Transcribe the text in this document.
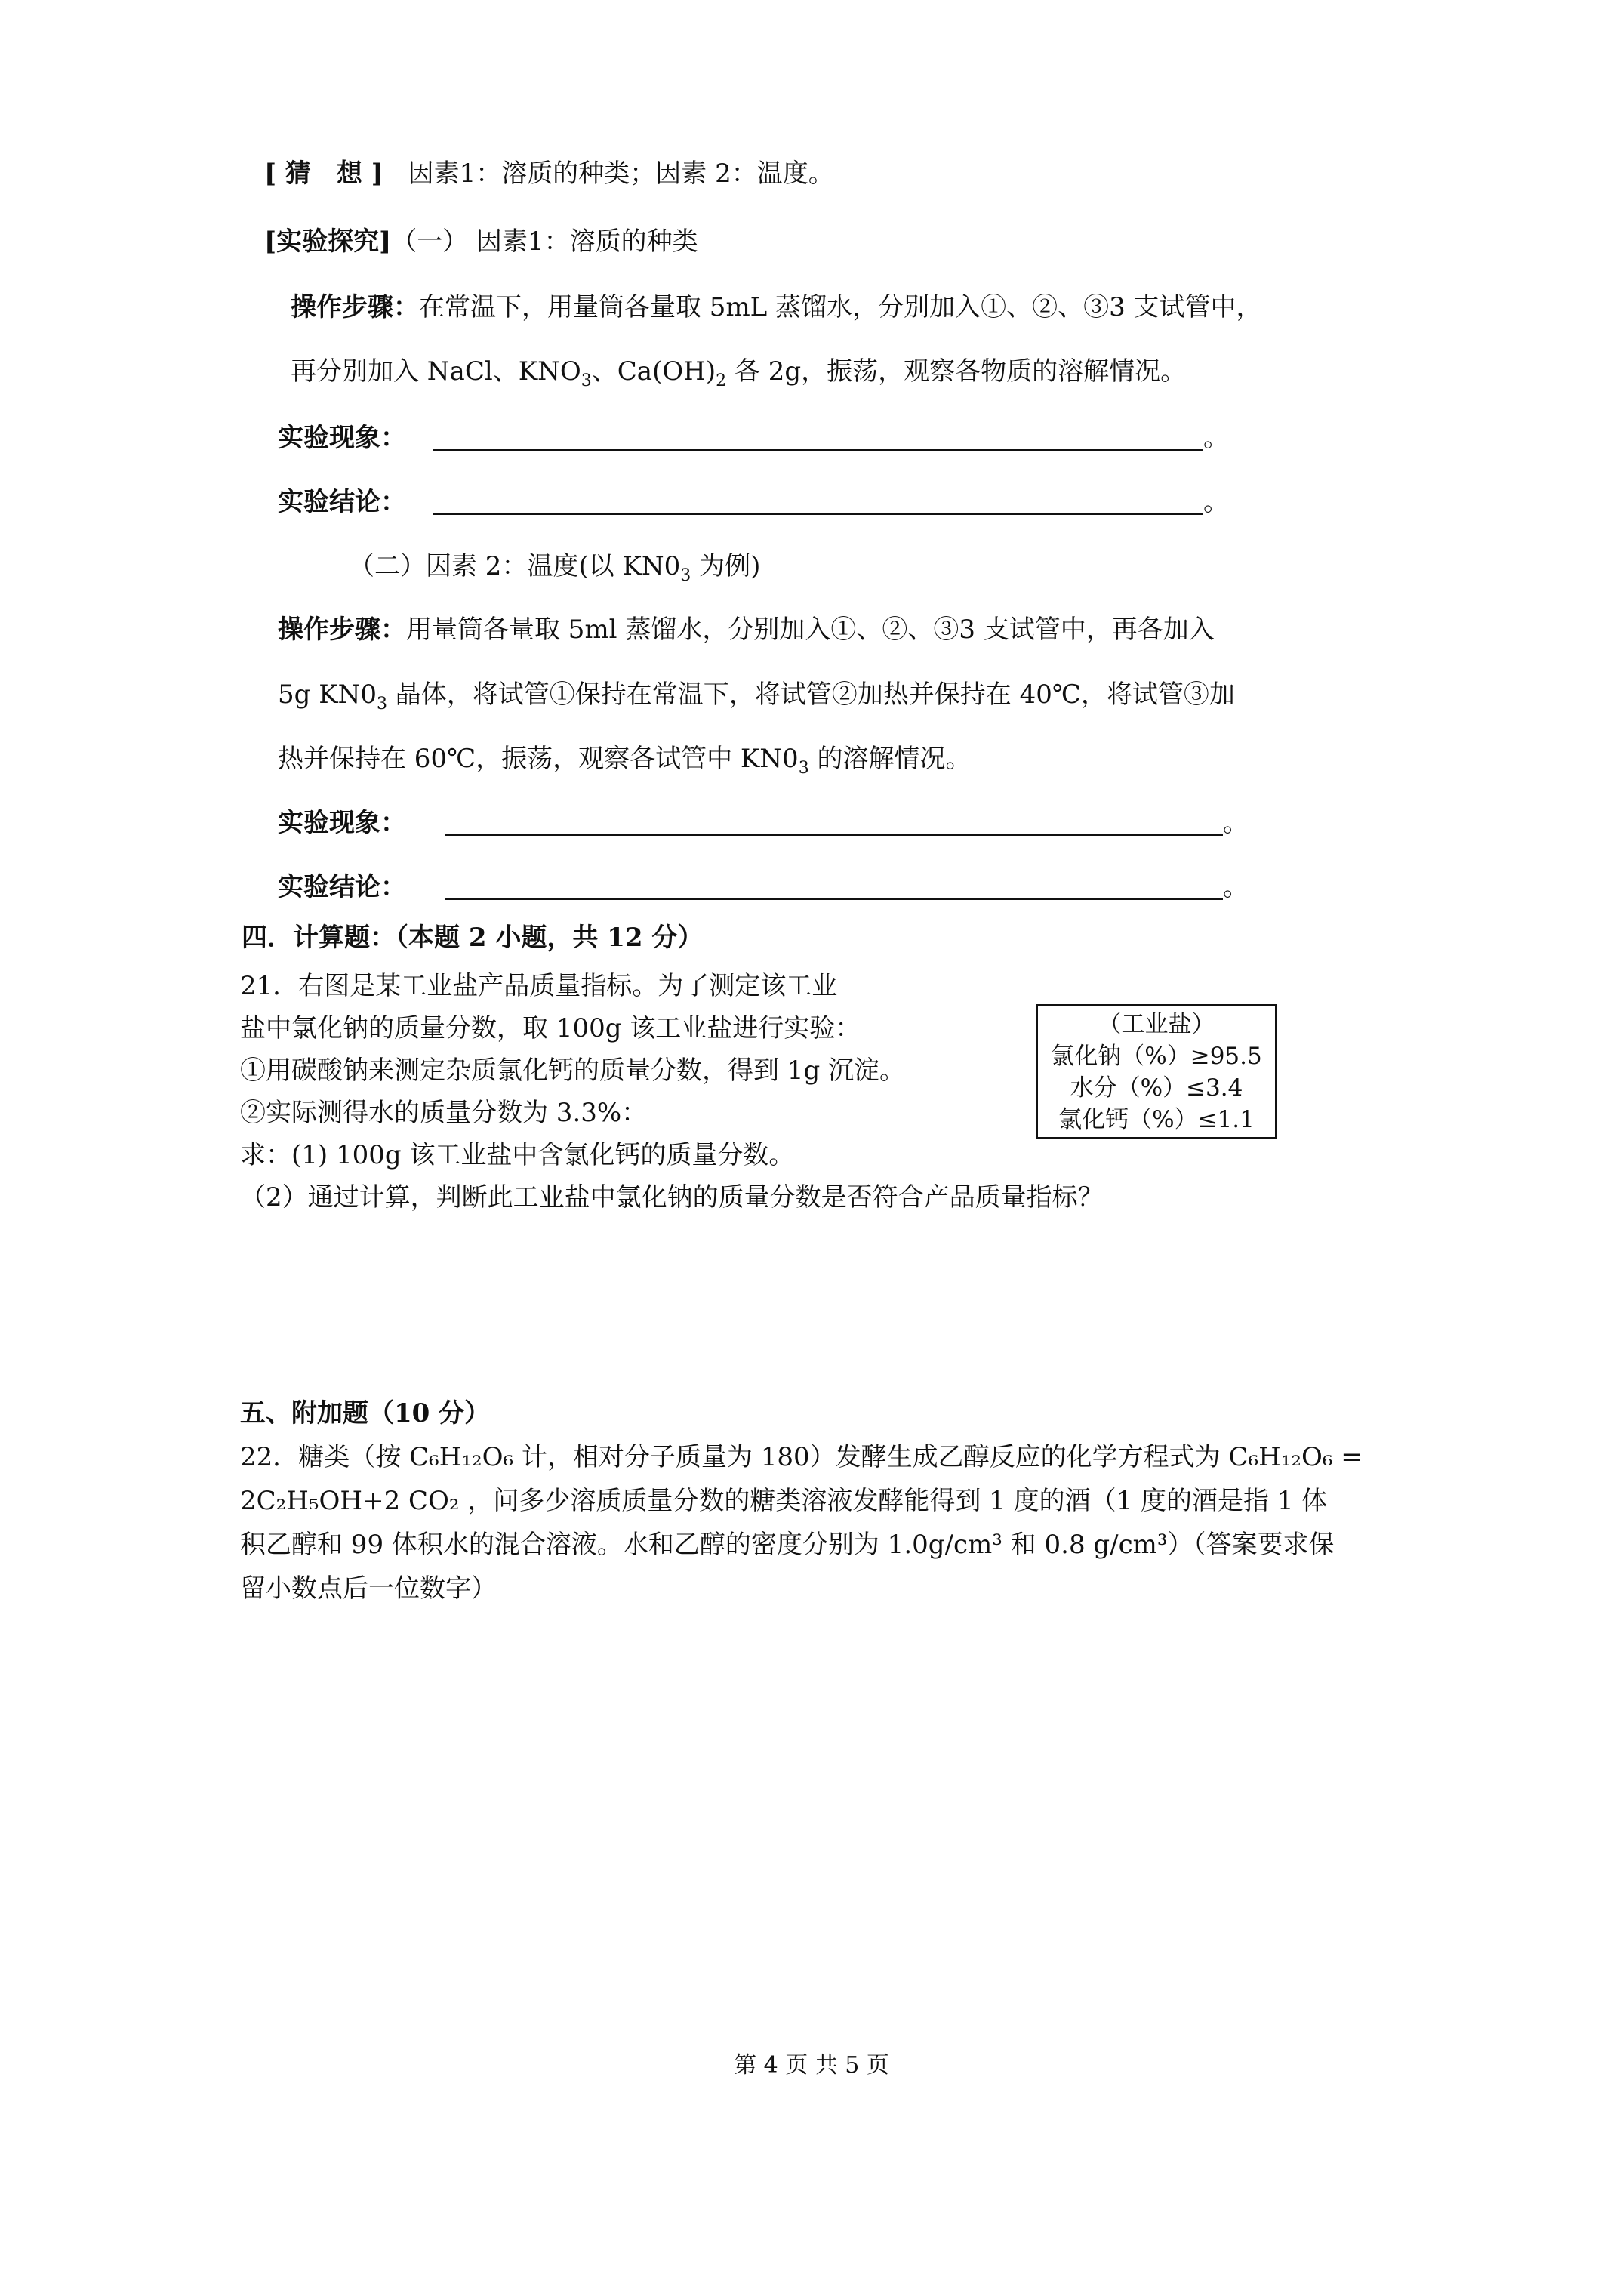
[ 猜　想 ] 因素1：溶质的种类；因素 2：温度。
[实验探究]（一） 因素1：溶质的种类
操作步骤：在常温下，用量筒各量取 5mL 蒸馏水，分别加入①、②、③3 支试管中，
再分别加入 NaCl、$KNO_3$、$Ca(OH)_2$ 各 2g，振荡，观察各物质的溶解情况。
实验现象：	。
实验结论：	。
（二）因素 2：温度(以 $KN0_3$ 为例)
操作步骤：用量筒各量取 5ml 蒸馏水，分别加入①、②、③3 支试管中，再各加入
5g $KN0_3$ 晶体，将试管①保持在常温下，将试管②加热并保持在 40℃，将试管③加
热并保持在 60℃，振荡，观察各试管中 $KN0_3$ 的溶解情况。
实验现象：	。
实验结论：	。
四．计算题：（本题 2 小题，共 12 分）
21．右图是某工业盐产品质量指标。为了测定该工业
盐中氯化钠的质量分数，取 100g 该工业盐进行实验：
①用碳酸钠来测定杂质氯化钙的质量分数，得到 1g 沉淀。
②实际测得水的质量分数为 3.3%：
求：(1) 100g 该工业盐中含氯化钙的质量分数。
（2）通过计算，判断此工业盐中氯化钠的质量分数是否符合产品质量指标？
（工业盐）
氯化钠（%）≥95.5
水分（%）≤3.4
氯化钙（%）≤1.1
五、附加题（10 分）
22．糖类（按 C₆H₁₂O₆ 计，相对分子质量为 180）发酵生成乙醇反应的化学方程式为 C₆H₁₂O₆ =
2C₂H₅OH+2 CO₂ ，问多少溶质质量分数的糖类溶液发酵能得到 1 度的酒（1 度的酒是指 1 体
积乙醇和 99 体积水的混合溶液。水和乙醇的密度分别为 1.0g/cm³ 和 0.8 g/cm³）（答案要求保
留小数点后一位数字）
第 4 页 共 5 页
